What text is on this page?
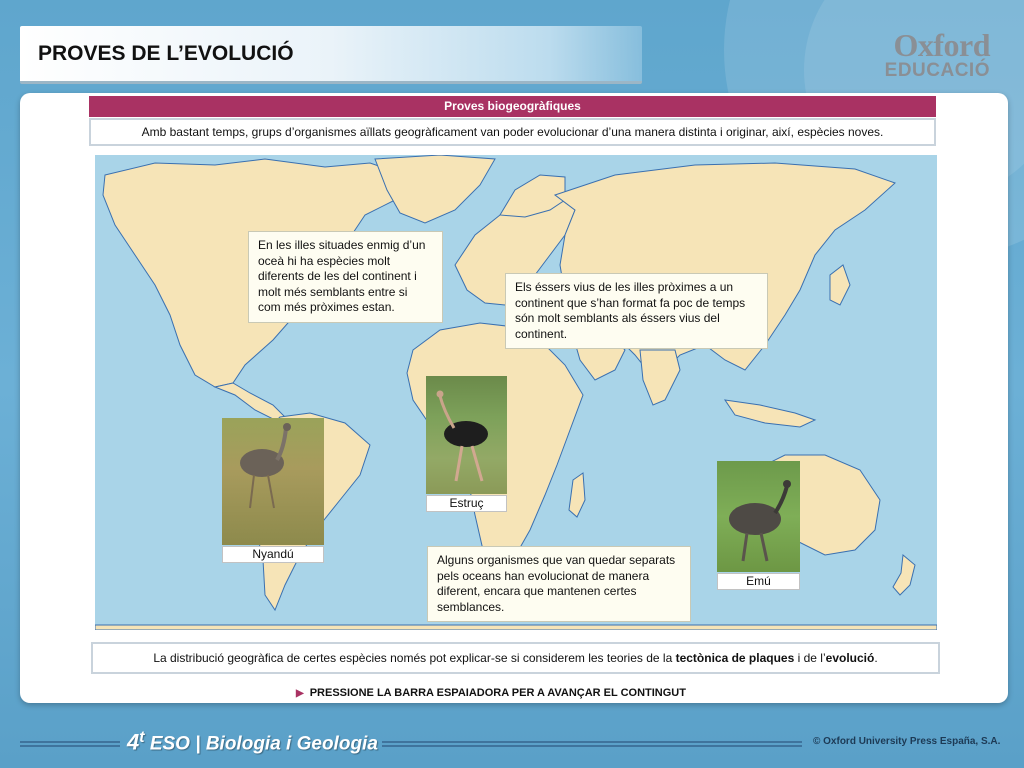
PROVES DE L’EVOLUCIÓ	Oxford
EDUCACIÓ
Proves biogeogràfiques
Amb bastant temps, grups d’organismes aïllats geogràficament van poder evolucionar d’una manera distinta i originar, així, espècies noves.
En les illes situades enmig d’un oceà hi ha espècies molt diferents de les del continent i molt més semblants entre si com més pròximes estan.
Els éssers vius de les illes pròximes a un continent que s’han format fa poc de temps són molt semblants als éssers vius del continent.
Alguns organismes que van quedar separats pels oceans han evolucionat de manera diferent, encara que mantenen certes semblances.
Nyandú
Estruç
Emú
La distribució geogràfica de certes espècies només pot explicar-se si considerem les teories de la tectònica de plaques i de l’evolució.
▶ PRESSIONE LA BARRA ESPAIADORA PER A AVANÇAR EL CONTINGUT
4$^t$ ESO | Biologia i Geologia	© Oxford University Press España, S.A.
